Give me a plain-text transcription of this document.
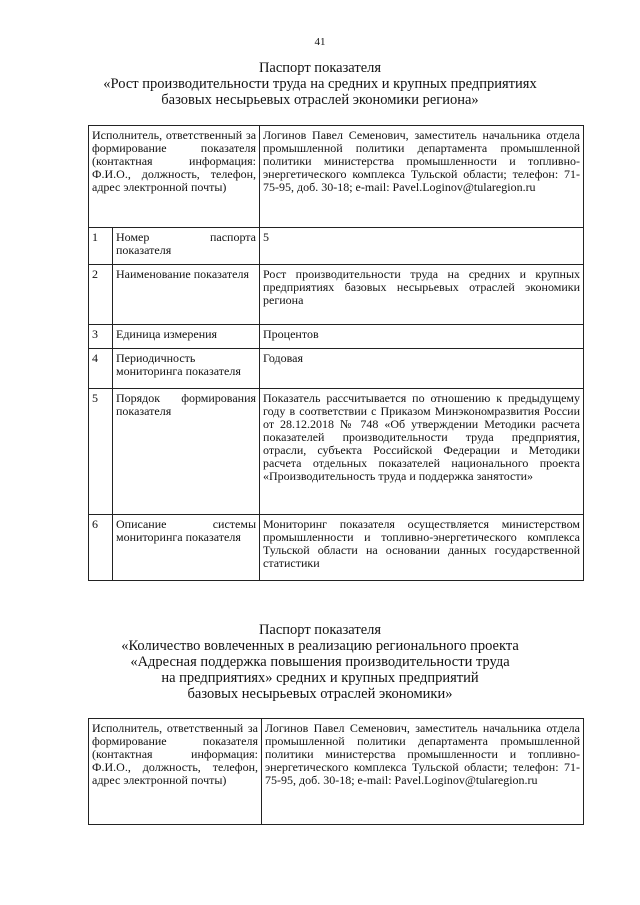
41
Паспорт показателя
«Рост производительности труда на средних и крупных предприятиях
базовых несырьевых отраслей экономики региона»
Исполнитель, ответственный за формирование показателя (контактная информация: Ф.И.О., должность, телефон, адрес электронной почты)		Логинов Павел Семенович, заместитель начальника отдела промышленной политики департамента промышленной политики министерства промышленности и топливно-энергетического комплекса Тульской области; телефон: 71-75-95, доб. 30-18; e-mail: Pavel.Loginov@tularegion.ru
1	Номер паспорта показателя	5
2	Наименование показателя	Рост производительности труда на средних и крупных предприятиях базовых несырьевых отраслей экономики региона
3	Единица измерения	Процентов
4	Периодичность мониторинга показателя	Годовая
5	Порядок формирования показателя	Показатель рассчитывается по отношению к предыдущему году в соответствии с Приказом Минэкономразвития России от 28.12.2018 № 748 «Об утверждении Методики расчета показателей производительности труда предприятия, отрасли, субъекта Российской Федерации и Методики расчета отдельных показателей национального проекта «Производительность труда и поддержка занятости»
6	Описание системы мониторинга показателя	Мониторинг показателя осуществляется министерством промышленности и топливно-энергетического комплекса Тульской области на основании данных государственной статистики
Паспорт показателя
«Количество вовлеченных в реализацию регионального проекта
«Адресная поддержка повышения производительности труда
на предприятиях» средних и крупных предприятий
базовых несырьевых отраслей экономики»
Исполнитель, ответственный за формирование показателя (контактная информация: Ф.И.О., должность, телефон, адрес электронной почты)	Логинов Павел Семенович, заместитель начальника отдела промышленной политики департамента промышленной политики министерства промышленности и топливно-энергетического комплекса Тульской области; телефон: 71-75-95, доб. 30-18; e-mail: Pavel.Loginov@tularegion.ru
